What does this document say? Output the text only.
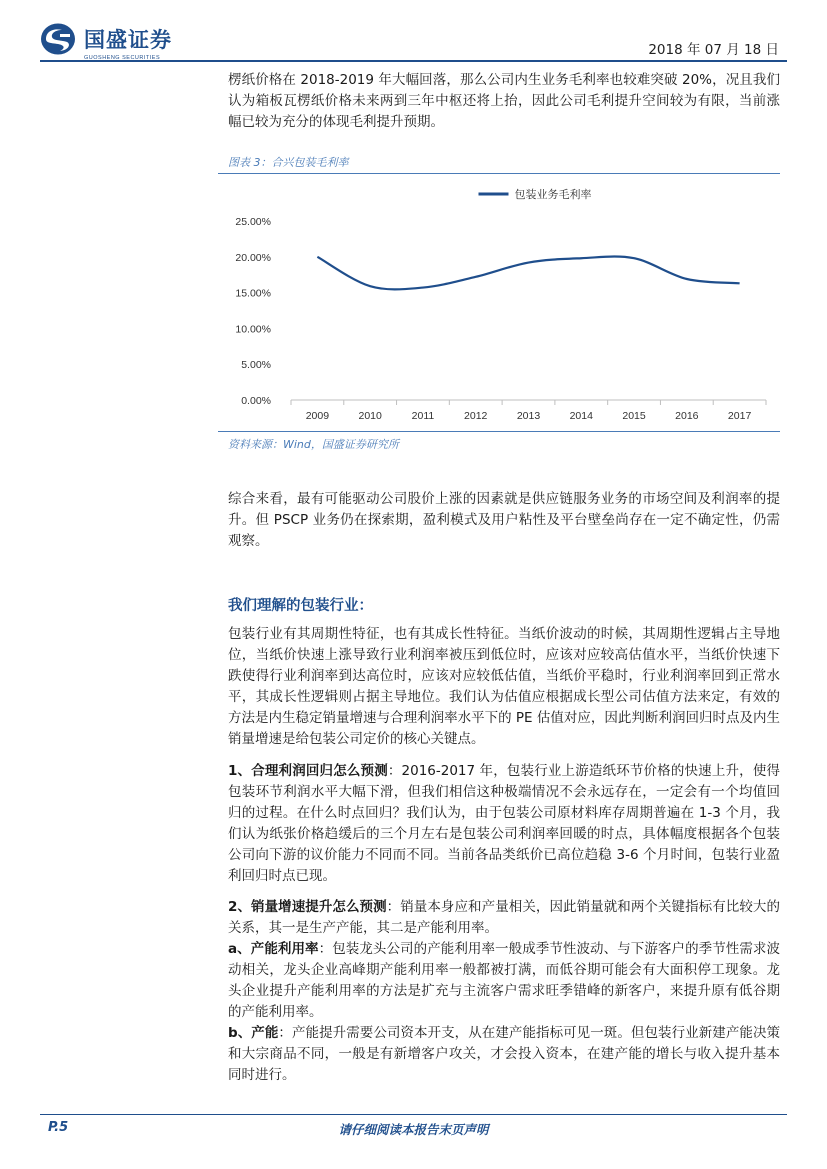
国盛证券
GUOSHENG SECURITIES	2018 年 07 月 18 日
楞纸价格在 2018-2019 年大幅回落，那么公司内生业务毛利率也较难突破 20%，况且我们认为箱板瓦楞纸价格未来两到三年中枢还将上抬，因此公司毛利提升空间较为有限，当前涨幅已较为充分的体现毛利提升预期。
图表 3：合兴包装毛利率
包装业务毛利率
0.00%
5.00%
10.00%
15.00%
20.00%
25.00%
2009	2010	2011	2012	2013	2014	2015	2016	2017
资料来源：Wind，国盛证券研究所
综合来看，最有可能驱动公司股价上涨的因素就是供应链服务业务的市场空间及利润率的提升。但 PSCP 业务仍在探索期，盈利模式及用户粘性及平台壁垒尚存在一定不确定性，仍需观察。
我们理解的包装行业：
包装行业有其周期性特征，也有其成长性特征。当纸价波动的时候，其周期性逻辑占主导地位，当纸价快速上涨导致行业利润率被压到低位时，应该对应较高估值水平，当纸价快速下跌使得行业利润率到达高位时，应该对应较低估值，当纸价平稳时，行业利润率回到正常水平，其成长性逻辑则占据主导地位。我们认为估值应根据成长型公司估值方法来定，有效的方法是内生稳定销量增速与合理利润率水平下的 PE 估值对应，因此判断利润回归时点及内生销量增速是给包装公司定价的核心关键点。
1、合理利润回归怎么预测：2016-2017 年，包装行业上游造纸环节价格的快速上升，使得包装环节利润水平大幅下滑，但我们相信这种极端情况不会永远存在，一定会有一个均值回归的过程。在什么时点回归？我们认为，由于包装公司原材料库存周期普遍在 1-3 个月，我们认为纸张价格趋缓后的三个月左右是包装公司利润率回暖的时点，具体幅度根据各个包装公司向下游的议价能力不同而不同。当前各品类纸价已高位趋稳 3-6 个月时间，包装行业盈利回归时点已现。
2、销量增速提升怎么预测：销量本身应和产量相关，因此销量就和两个关键指标有比较大的关系，其一是生产产能，其二是产能利用率。
a、产能利用率：包装龙头公司的产能利用率一般成季节性波动、与下游客户的季节性需求波动相关，龙头企业高峰期产能利用率一般都被打满，而低谷期可能会有大面积停工现象。龙头企业提升产能利用率的方法是扩充与主流客户需求旺季错峰的新客户，来提升原有低谷期的产能利用率。
b、产能：产能提升需要公司资本开支，从在建产能指标可见一斑。但包装行业新建产能决策和大宗商品不同，一般是有新增客户攻关，才会投入资本，在建产能的增长与收入提升基本同时进行。
P.5	请仔细阅读本报告末页声明
